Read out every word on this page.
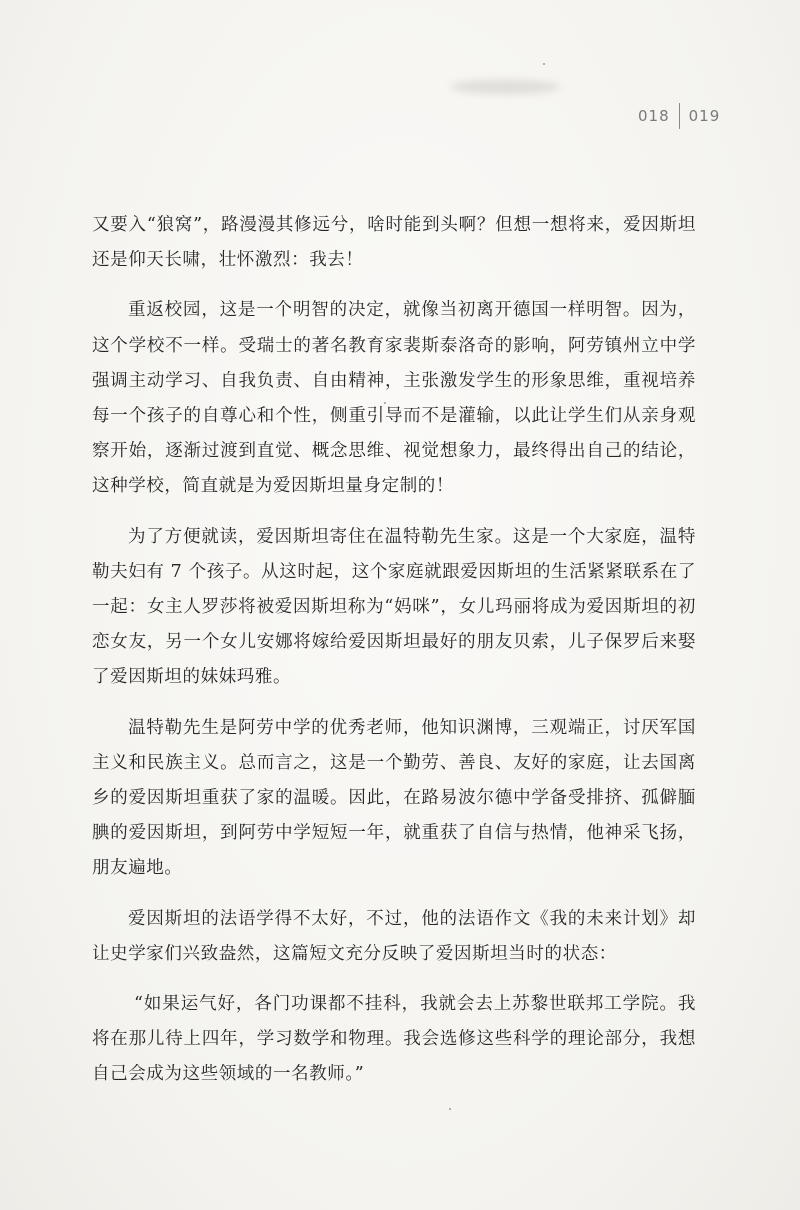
018 019

又要入“狼窝”，路漫漫其修远兮，啥时能到头啊？但想一想将来，爱因斯坦还是仰天长啸，壮怀激烈：我去！

重返校园，这是一个明智的决定，就像当初离开德国一样明智。因为，这个学校不一样。受瑞士的著名教育家裴斯泰洛奇的影响，阿劳镇州立中学强调主动学习、自我负责、自由精神，主张激发学生的形象思维，重视培养每一个孩子的自尊心和个性，侧重引导而不是灌输，以此让学生们从亲身观察开始，逐渐过渡到直觉、概念思维、视觉想象力，最终得出自己的结论，这种学校，简直就是为爱因斯坦量身定制的！

为了方便就读，爱因斯坦寄住在温特勒先生家。这是一个大家庭，温特勒夫妇有 7 个孩子。从这时起，这个家庭就跟爱因斯坦的生活紧紧联系在了一起：女主人罗莎将被爱因斯坦称为“妈咪”，女儿玛丽将成为爱因斯坦的初恋女友，另一个女儿安娜将嫁给爱因斯坦最好的朋友贝索，儿子保罗后来娶了爱因斯坦的妹妹玛雅。

温特勒先生是阿劳中学的优秀老师，他知识渊博，三观端正，讨厌军国主义和民族主义。总而言之，这是一个勤劳、善良、友好的家庭，让去国离乡的爱因斯坦重获了家的温暖。因此，在路易波尔德中学备受排挤、孤僻腼腆的爱因斯坦，到阿劳中学短短一年，就重获了自信与热情，他神采飞扬，朋友遍地。

爱因斯坦的法语学得不太好，不过，他的法语作文《我的未来计划》却让史学家们兴致盎然，这篇短文充分反映了爱因斯坦当时的状态：

“如果运气好，各门功课都不挂科，我就会去上苏黎世联邦工学院。我将在那儿待上四年，学习数学和物理。我会选修这些科学的理论部分，我想自己会成为这些领域的一名教师。”
